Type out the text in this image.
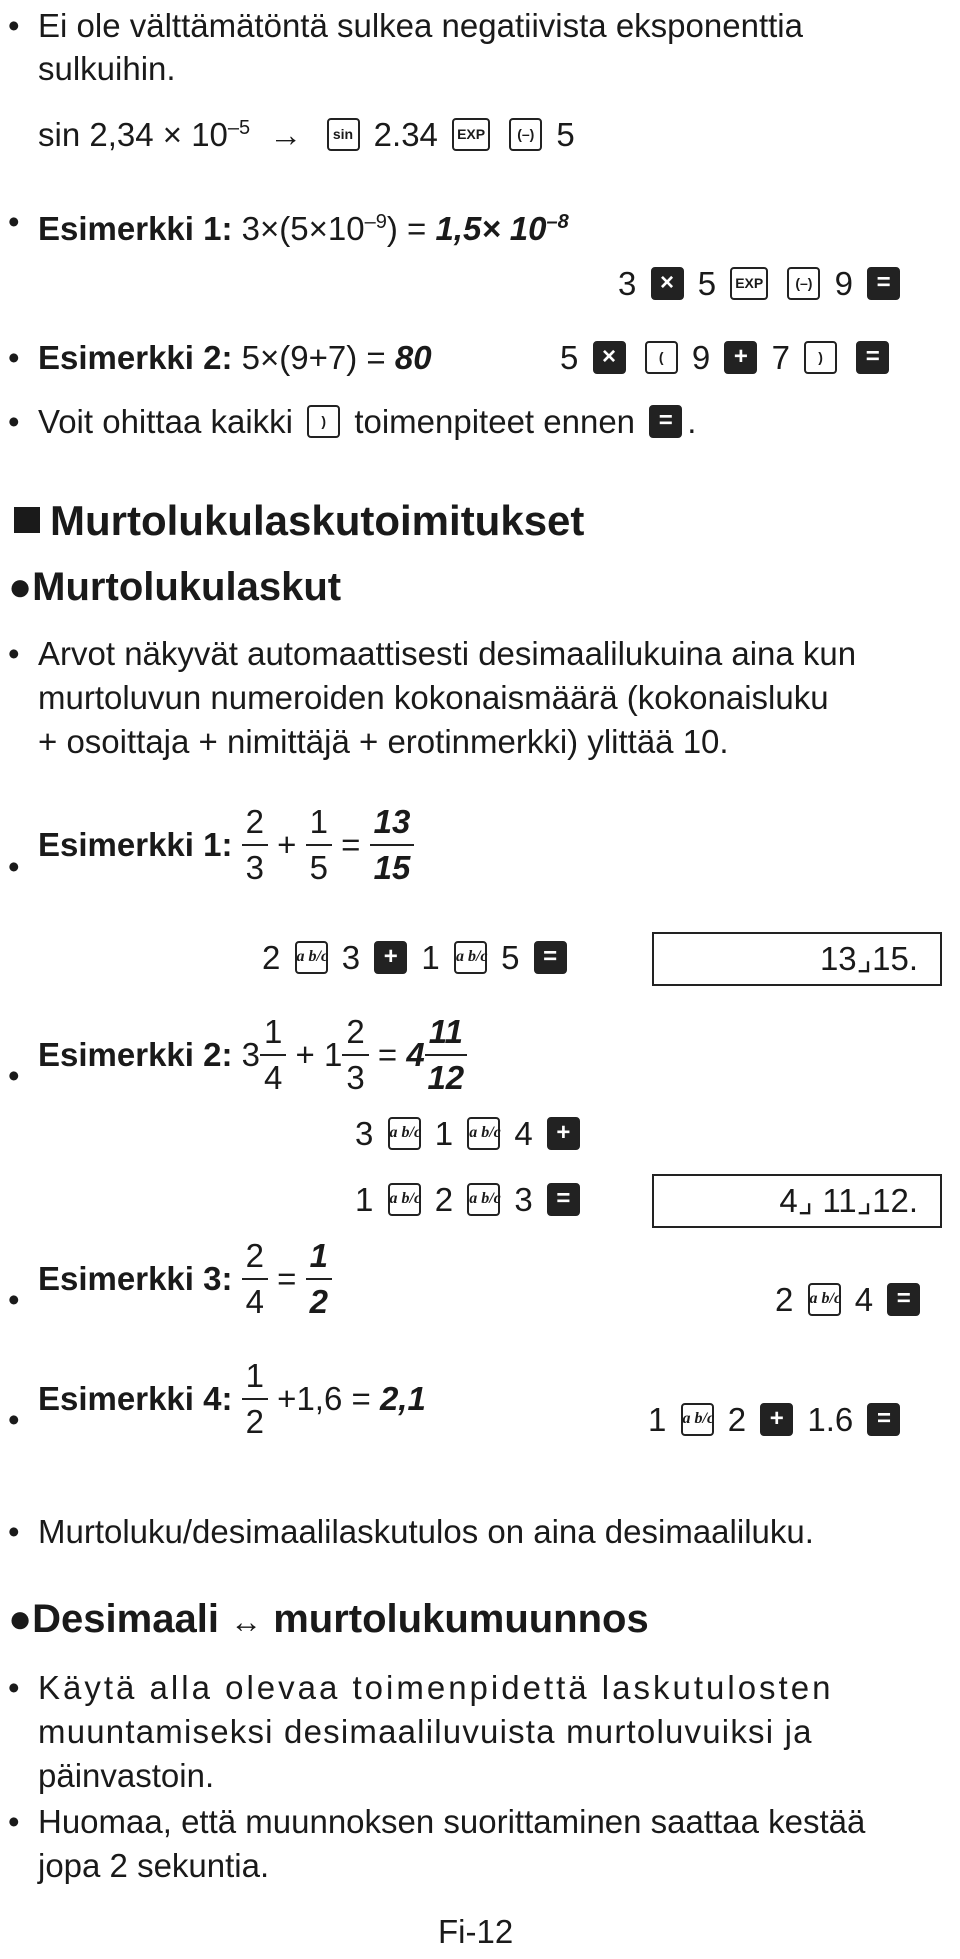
• Ei ole välttämätöntä sulkea negatiivista eksponenttia
sulkuihin.
$\sin 2,34 \times 10^{-5} \to \sin 2.34$ EXP (–) 5
• Esimerkki 1: $3\times(5\times 10^{-9}) = 1,5\times 10^{-8}$
3 × 5 EXP (–) 9 =
• Esimerkki 2: 5×(9+7) = 80	5 ×	( 9 + 7 ) =
• Voit ohittaa kaikki ) toimenpiteet ennen = .
Murtolukulaskutoimitukset
●Murtolukulaskut
• Arvot näkyvät automaattisesti desimaalilukuina aina kun
murtoluvun numeroiden kokonaismäärä (kokonaisluku
+ osoittaja + nimittäjä + erotinmerkki) ylittää 10.
•
Esimerkki 1: $\frac{2}{3} + \frac{1}{5} = \frac{13}{15}$
2 a b/c 3 + 1 a b/c 5 =	13⌟15.
•
Esimerkki 2: $3 \frac{1}{4} + 1 \frac{2}{3} = 4 \frac{11}{12}$
3 a b/c 1 a b/c 4 +
1 a b/c 2 a b/c 3 =	4⌟ 11⌟12.
•
Esimerkki 3: $\frac{2}{4} = \frac{1}{2}$	2 a b/c 4 =
•
Esimerkki 4: $\frac{1}{2} +1,6 = 2,1$
1 a b/c 2 + 1.6 =
• Murtoluku/desimaalilaskutulos on aina desimaaliluku.
●Desimaali ↔ murtolukumuunnos
• Käytä alla olevaa toimenpidettä laskutulosten
muuntamiseksi desimaaliluvuista murtoluvuiksi ja
päinvastoin.
• Huomaa, että muunnoksen suorittaminen saattaa kestää
jopa 2 sekuntia.
Fi-12
